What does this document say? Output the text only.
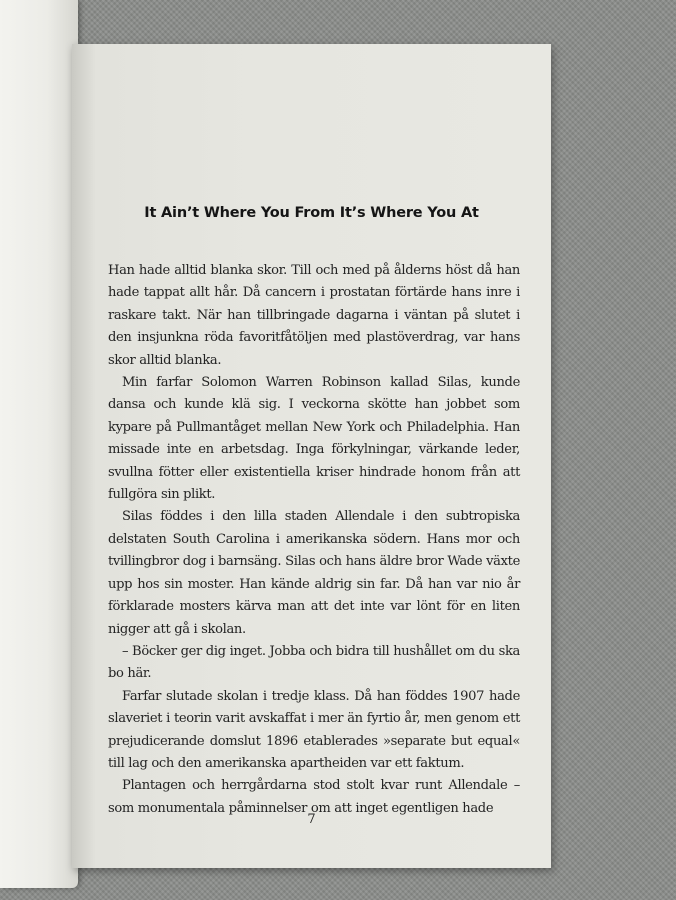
It Ain’t Where You From It’s Where You At

Han hade alltid blanka skor. Till och med på ålderns höst då han hade tappat allt hår. Då cancern i prostatan förtärde hans inre i raskare takt. När han tillbringade dagarna i väntan på slutet i den insjunkna röda favoritfåtöljen med plastöverdrag, var hans skor alltid blanka.

Min farfar Solomon Warren Robinson kallad Silas, kunde dansa och kunde klä sig. I veckorna skötte han jobbet som kypare på Pullmantåget mellan New York och Philadelphia. Han missade inte en arbetsdag. Inga förkylningar, värkande leder, svullna fötter eller existentiella kriser hindrade honom från att fullgöra sin plikt.

Silas föddes i den lilla staden Allendale i den subtropiska delstaten South Carolina i amerikanska södern. Hans mor och tvillingbror dog i barnsäng. Silas och hans äldre bror Wade växte upp hos sin moster. Han kände aldrig sin far. Då han var nio år förklarade mosters kärva man att det inte var lönt för en liten nigger att gå i skolan.

– Böcker ger dig inget. Jobba och bidra till hushållet om du ska bo här.

Farfar slutade skolan i tredje klass. Då han föddes 1907 hade slaveriet i teorin varit avskaffat i mer än fyrtio år, men genom ett prejudicerande domslut 1896 etablerades »separate but equal« till lag och den amerikanska apartheiden var ett faktum.

Plantagen och herrgårdarna stod stolt kvar runt Allendale – som monumentala påminnelser om att inget egentligen hade

7
